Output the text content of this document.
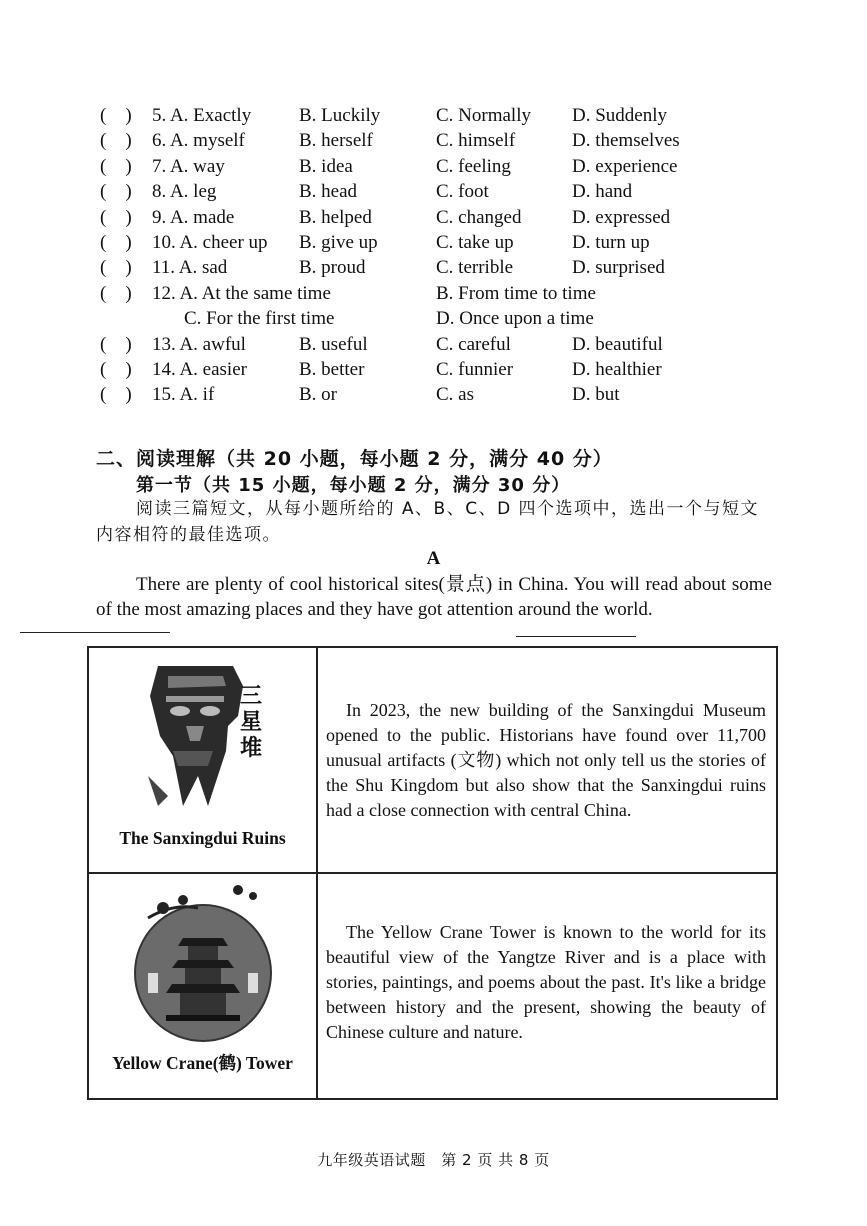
(　) 5. A. Exactly	B. Luckily	C. Normally D. Suddenly
(　) 6. A. myself	B. herself	C. himself	D. themselves
(　) 7. A. way	B. idea	C. feeling	D. experience
(　) 8. A. leg	B. head	C. foot	D. hand
(　) 9. A. made	B. helped	C. changed	D. expressed
(　) 10. A. cheer up B. give up	C. take up	D. turn up
(　) 11. A. sad	B. proud	C. terrible	D. surprised
(　) 12. A. At the same time	B. From time to time
C. For the first time	D. Once upon a time
(　) 13. A. awful	B. useful	C. careful	D. beautiful
(　) 14. A. easier	B. better	C. funnier	D. healthier
(　) 15. A. if	B. or	C. as	D. but
二、阅读理解（共 20 小题，每小题 2 分，满分 40 分）
第一节（共 15 小题，每小题 2 分，满分 30 分）
阅读三篇短文，从每小题所给的 A、B、C、D 四个选项中，选出一个与短文内容相符的最佳选项。
A
There are plenty of cool historical sites(景点) in China. You will read about some of the most amazing places and they have got attention around the world.
三星堆
The Sanxingdui Ruins	In 2023, the new building of the Sanxingdui Museum opened to the public. Historians have found over 11,700 unusual artifacts (文物) which not only tell us the stories of the Shu Kingdom but also show that the Sanxingdui ruins had a close connection with central China.

Yellow Crane(鹤) Tower	The Yellow Crane Tower is known to the world for its beautiful view of the Yangtze River and is a place with stories, paintings, and poems about the past. It's like a bridge between history and the present, showing the beauty of Chinese culture and nature.
九年级英语试题　第 2 页 共 8 页
